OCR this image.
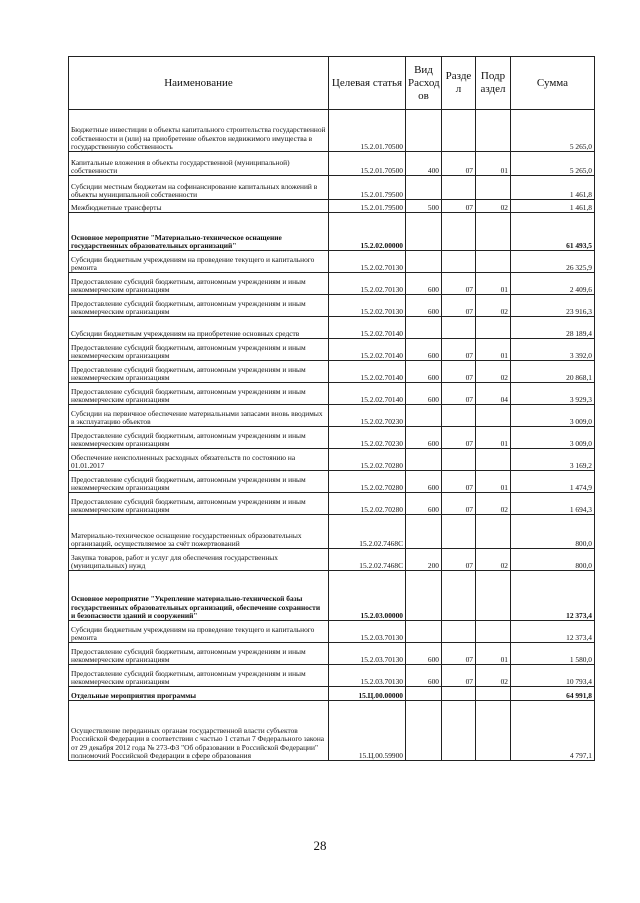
Наименование	Целевая статья	Вид Расход ов	Разде л	Подр аздел	Сумма
Бюджетные инвестиции в объекты капитального строительства государственной собственности и (или) на приобретение объектов недвижимого имущества в государственную собственность	15.2.01.70500				5 265,0
Капитальные вложения в объекты государственной (муниципальной) собственности	15.2.01.70500	400	07	01	5 265,0
Субсидии местным бюджетам на софинансирование капитальных вложений в объекты муниципальной собственности	15.2.01.79500				1 461,8
Межбюджетные трансферты	15.2.01.79500	500	07	02	1 461,8
Основное мероприятие "Материально-техническое оснащение государственных образовательных организаций"	15.2.02.00000				61 493,5
Субсидии бюджетным учреждениям на проведение текущего и капитального ремонта	15.2.02.70130				26 325,9
Предоставление субсидий бюджетным, автономным учреждениям и иным некоммерческим организациям	15.2.02.70130	600	07	01	2 409,6
Предоставление субсидий бюджетным, автономным учреждениям и иным некоммерческим организациям	15.2.02.70130	600	07	02	23 916,3
Субсидии бюджетным учреждениям на приобретение основных средств	15.2.02.70140				28 189,4
Предоставление субсидий бюджетным, автономным учреждениям и иным некоммерческим организациям	15.2.02.70140	600	07	01	3 392,0
Предоставление субсидий бюджетным, автономным учреждениям и иным некоммерческим организациям	15.2.02.70140	600	07	02	20 868,1
Предоставление субсидий бюджетным, автономным учреждениям и иным некоммерческим организациям	15.2.02.70140	600	07	04	3 929,3
Субсидии на первичное обеспечение материальными запасами вновь вводимых в эксплуатацию объектов	15.2.02.70230				3 009,0
Предоставление субсидий бюджетным, автономным учреждениям и иным некоммерческим организациям	15.2.02.70230	600	07	01	3 009,0
Обеспечение неисполненных расходных обязательств по состоянию на 01.01.2017	15.2.02.70280				3 169,2
Предоставление субсидий бюджетным, автономным учреждениям и иным некоммерческим организациям	15.2.02.70280	600	07	01	1 474,9
Предоставление субсидий бюджетным, автономным учреждениям и иным некоммерческим организациям	15.2.02.70280	600	07	02	1 694,3
Материально-техническое оснащение государственных образовательных организаций, осуществляемое за счёт пожертвований	15.2.02.7468С				800,0
Закупка товаров, работ и услуг для обеспечения государственных (муниципальных) нужд	15.2.02.7468С	200	07	02	800,0
Основное мероприятие "Укрепление материально-технической базы государственных образовательных организаций, обеспечение сохранности и безопасности зданий и сооружений"	15.2.03.00000				12 373,4
Субсидии бюджетным учреждениям на проведение текущего и капитального ремонта	15.2.03.70130				12 373,4
Предоставление субсидий бюджетным, автономным учреждениям и иным некоммерческим организациям	15.2.03.70130	600	07	01	1 580,0
Предоставление субсидий бюджетным, автономным учреждениям и иным некоммерческим организациям	15.2.03.70130	600	07	02	10 793,4
Отдельные мероприятия программы	15.Ц.00.00000				64 991,8
Осуществление переданных органам государственной власти субъектов Российской Федерации в соответствии с частью 1 статьи 7 Федерального закона от 29 декабря 2012 года № 273-ФЗ "Об образовании в Российской Федерации" полномочий Российской Федерации в сфере образования	15.Ц.00.59900				4 797,1
28
